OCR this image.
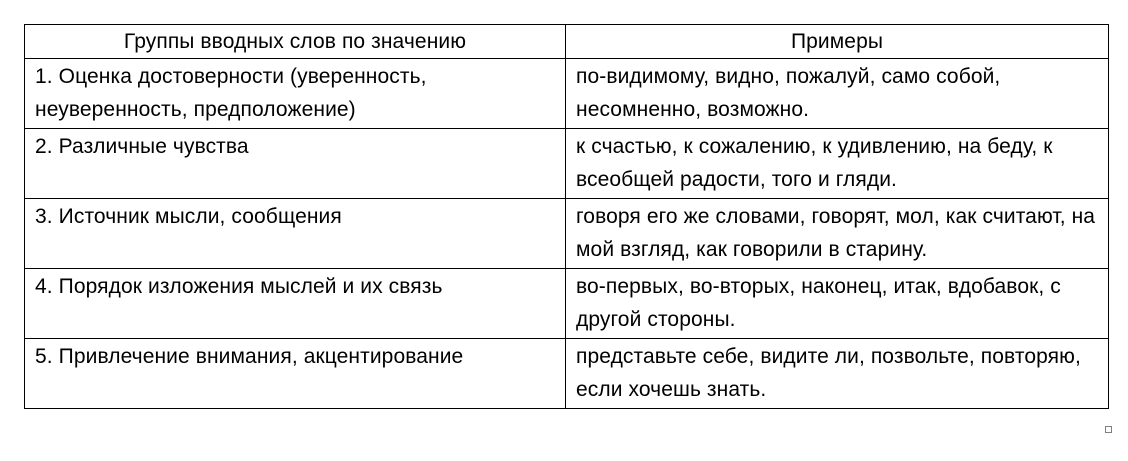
Группы вводных слов по значению	Примеры
1. Оценка достоверности (уверенность, неуверенность, предположение)	по-видимому, видно, пожалуй, само собой, несомненно, возможно.
2. Различные чувства	к счастью, к сожалению, к удивлению, на беду, к всеобщей радости, того и гляди.
3. Источник мысли, сообщения	говоря его же словами, говорят, мол, как считают, на мой взгляд, как говорили в старину.
4. Порядок изложения мыслей и их связь	во-первых, во-вторых, наконец, итак, вдобавок, с другой стороны.
5. Привлечение внимания, акцентирование	представьте себе, видите ли, позвольте, повторяю, если хочешь знать.
